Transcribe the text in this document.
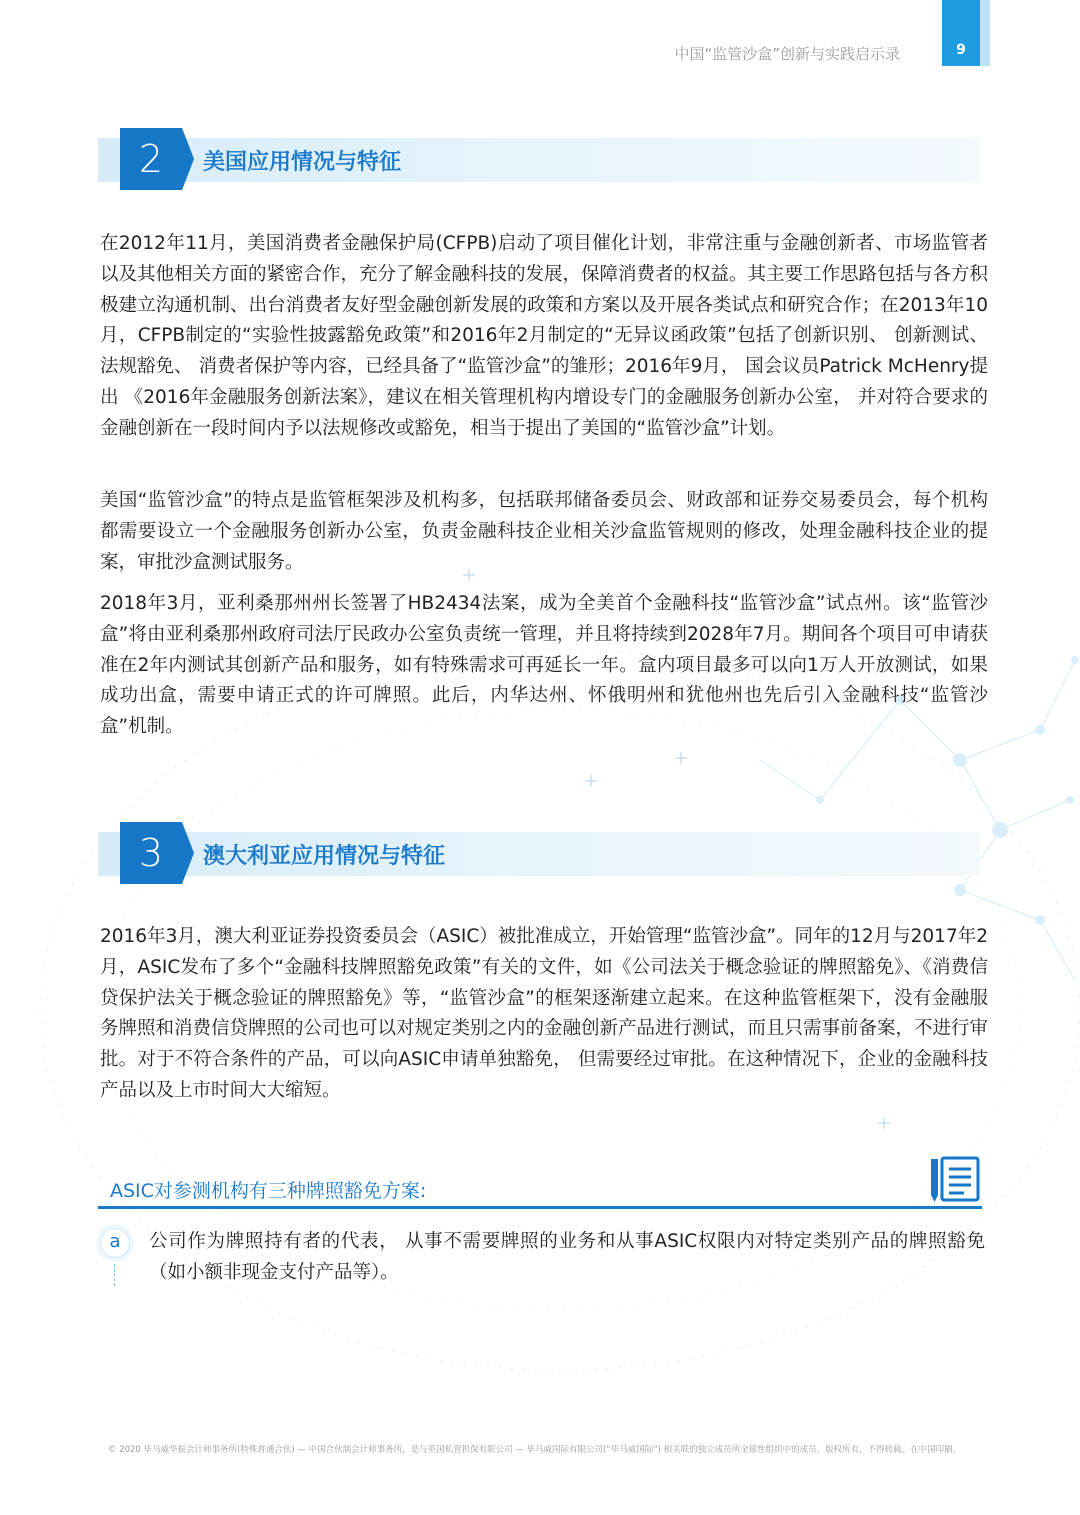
中国“监管沙盒”创新与实践启示录	9
2	美国应用情况与特征

在2012年11月，美国消费者金融保护局(CFPB)启动了项目催化计划，非常注重与金融创新者、市场监管者以及其他相关方面的紧密合作，充分了解金融科技的发展，保障消费者的权益。其主要工作思路包括与各方积极建立沟通机制、出台消费者友好型金融创新发展的政策和方案以及开展各类试点和研究合作；在2013年10月，CFPB制定的“实验性披露豁免政策”和2016年2月制定的“无异议函政策”包括了创新识别、 创新测试、 法规豁免、 消费者保护等内容，已经具备了“监管沙盒”的雏形；2016年9月， 国会议员Patrick McHenry提出 《2016年金融服务创新法案》，建议在相关管理机构内增设专门的金融服务创新办公室， 并对符合要求的金融创新在一段时间内予以法规修改或豁免，相当于提出了美国的“监管沙盒”计划。

美国“监管沙盒”的特点是监管框架涉及机构多，包括联邦储备委员会、财政部和证券交易委员会，每个机构都需要设立一个金融服务创新办公室，负责金融科技企业相关沙盒监管规则的修改，处理金融科技企业的提案，审批沙盒测试服务。

2018年3月，亚利桑那州州长签署了HB2434法案，成为全美首个金融科技“监管沙盒”试点州。该“监管沙盒”将由亚利桑那州政府司法厅民政办公室负责统一管理，并且将持续到2028年7月。期间各个项目可申请获准在2年内测试其创新产品和服务，如有特殊需求可再延长一年。盒内项目最多可以向1万人开放测试，如果成功出盒，需要申请正式的许可牌照。此后，内华达州、怀俄明州和犹他州也先后引入金融科技“监管沙盒”机制。

3	澳大利亚应用情况与特征

2016年3月，澳大利亚证券投资委员会（ASIC）被批准成立，开始管理“监管沙盒”。同年的12月与2017年2月，ASIC发布了多个“金融科技牌照豁免政策”有关的文件，如《公司法关于概念验证的牌照豁免》、《消费信贷保护法关于概念验证的牌照豁免》等，“监管沙盒”的框架逐渐建立起来。在这种监管框架下，没有金融服务牌照和消费信贷牌照的公司也可以对规定类别之内的金融创新产品进行测试，而且只需事前备案，不进行审批。对于不符合条件的产品，可以向ASIC申请单独豁免， 但需要经过审批。在这种情况下，企业的金融科技产品以及上市时间大大缩短。

ASIC对参测机构有三种牌照豁免方案:
a	公司作为牌照持有者的代表， 从事不需要牌照的业务和从事ASIC权限内对特定类别产品的牌照豁免 （如小额非现金支付产品等）。

© 2020 毕马威华振会计师事务所(特殊普通合伙) — 中国合伙制会计师事务所，是与英国私营担保有限公司 — 毕马威国际有限公司(“毕马威国际”) 相关联的独立成员所全球性组织中的成员。版权所有，不得转载。在中国印刷。
